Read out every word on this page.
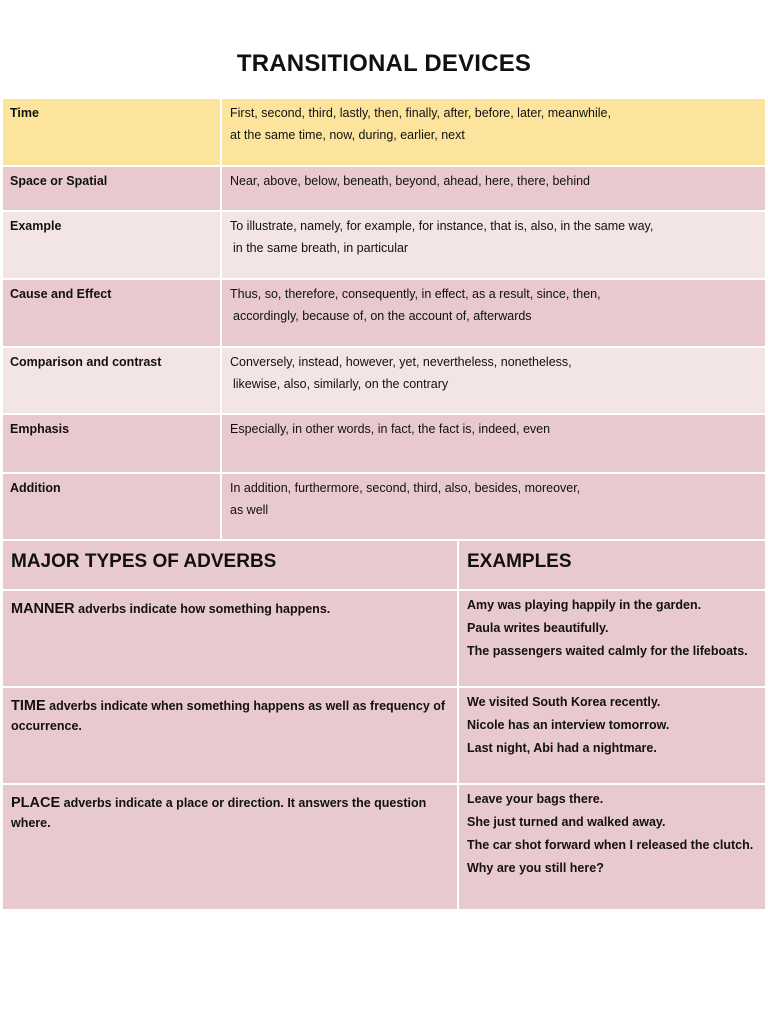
TRANSITIONAL DEVICES
Time	First, second, third, lastly, then, finally, after, before, later, meanwhile,
at the same time, now, during, earlier, next

Space or Spatial	Near, above, below, beneath, beyond, ahead, here, there, behind

Example	To illustrate, namely, for example, for instance, that is, also, in the same way,
in the same breath, in particular

Cause and Effect	Thus, so, therefore, consequently, in effect, as a result, since, then,
accordingly, because of, on the account of, afterwards

Comparison and contrast	Conversely, instead, however, yet, nevertheless, nonetheless,
likewise, also, similarly, on the contrary

Emphasis	Especially, in other words, in fact, the fact is, indeed, even

Addition	In addition, furthermore, second, third, also, besides, moreover,
as well
MAJOR TYPES OF ADVERBS	EXAMPLES

MANNER adverbs indicate how something happens.	Amy was playing happily in the garden.
Paula writes beautifully.
The passengers waited calmly for the lifeboats.

TIME adverbs indicate when something happens as well as frequency of occurrence.	We visited South Korea recently.
Nicole has an interview tomorrow.
Last night, Abi had a nightmare.

PLACE adverbs indicate a place or direction. It answers the question where.	Leave your bags there.
She just turned and walked away.
The car shot forward when I released the clutch.
Why are you still here?
